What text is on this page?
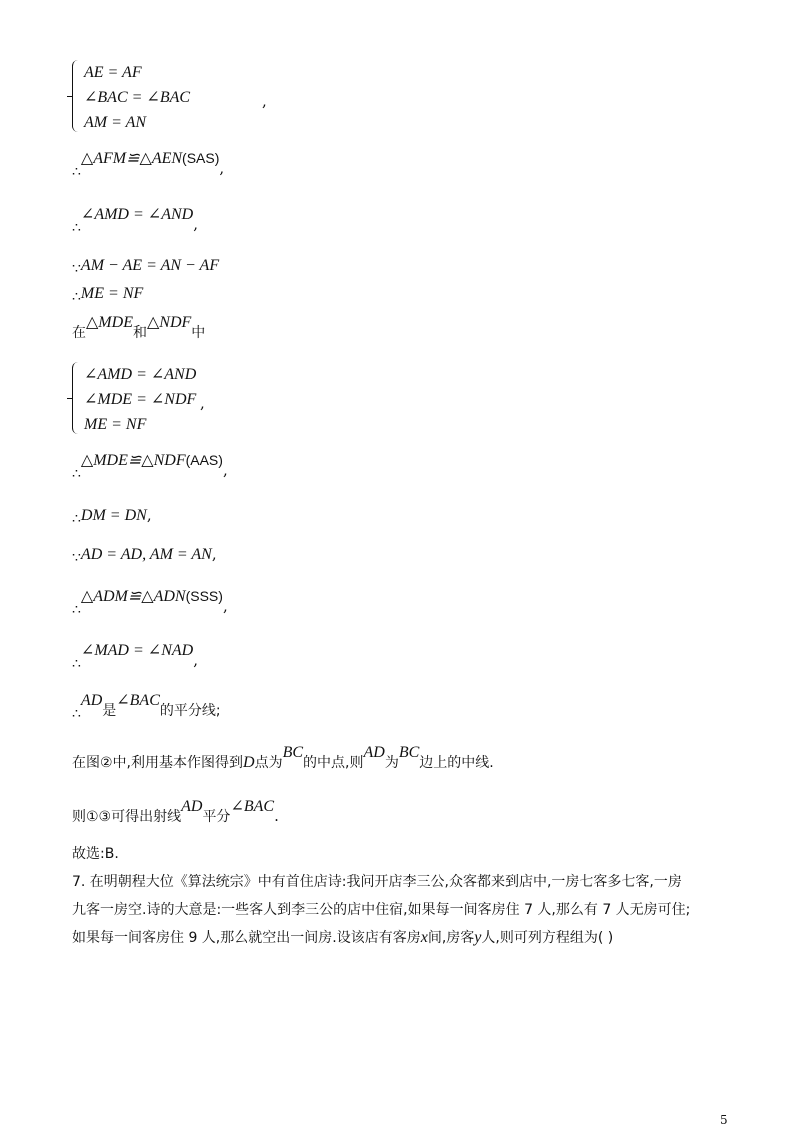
AE = AF
∠BAC = ∠BAC
AM = AN
,
∴△AFM≌△AEN(SAS),
∴∠AMD = ∠AND,
∵AM − AE = AN − AF
∴ME = NF
在△MDE和△NDF中
∠AMD = ∠AND
∠MDE = ∠NDF
ME = NF
,
∴△MDE≌△NDF(AAS),
∴DM = DN,
∵AD = AD, AM = AN,
∴△ADM≌△ADN(SSS),
∴∠MAD = ∠NAD,
∴AD是∠BAC的平分线;
在图②中,利用基本作图得到D点为BC的中点,则AD为BC边上的中线.
则①③可得出射线AD平分∠BAC.
故选:B.
7. 在明朝程大位《算法统宗》中有首住店诗:我问开店李三公,众客都来到店中,一房七客多七客,一房
九客一房空.诗的大意是:一些客人到李三公的店中住宿,如果每一间客房住 7 人,那么有 7 人无房可住;
如果每一间客房住 9 人,那么就空出一间房.设该店有客房x间,房客y人,则可列方程组为( )
5
